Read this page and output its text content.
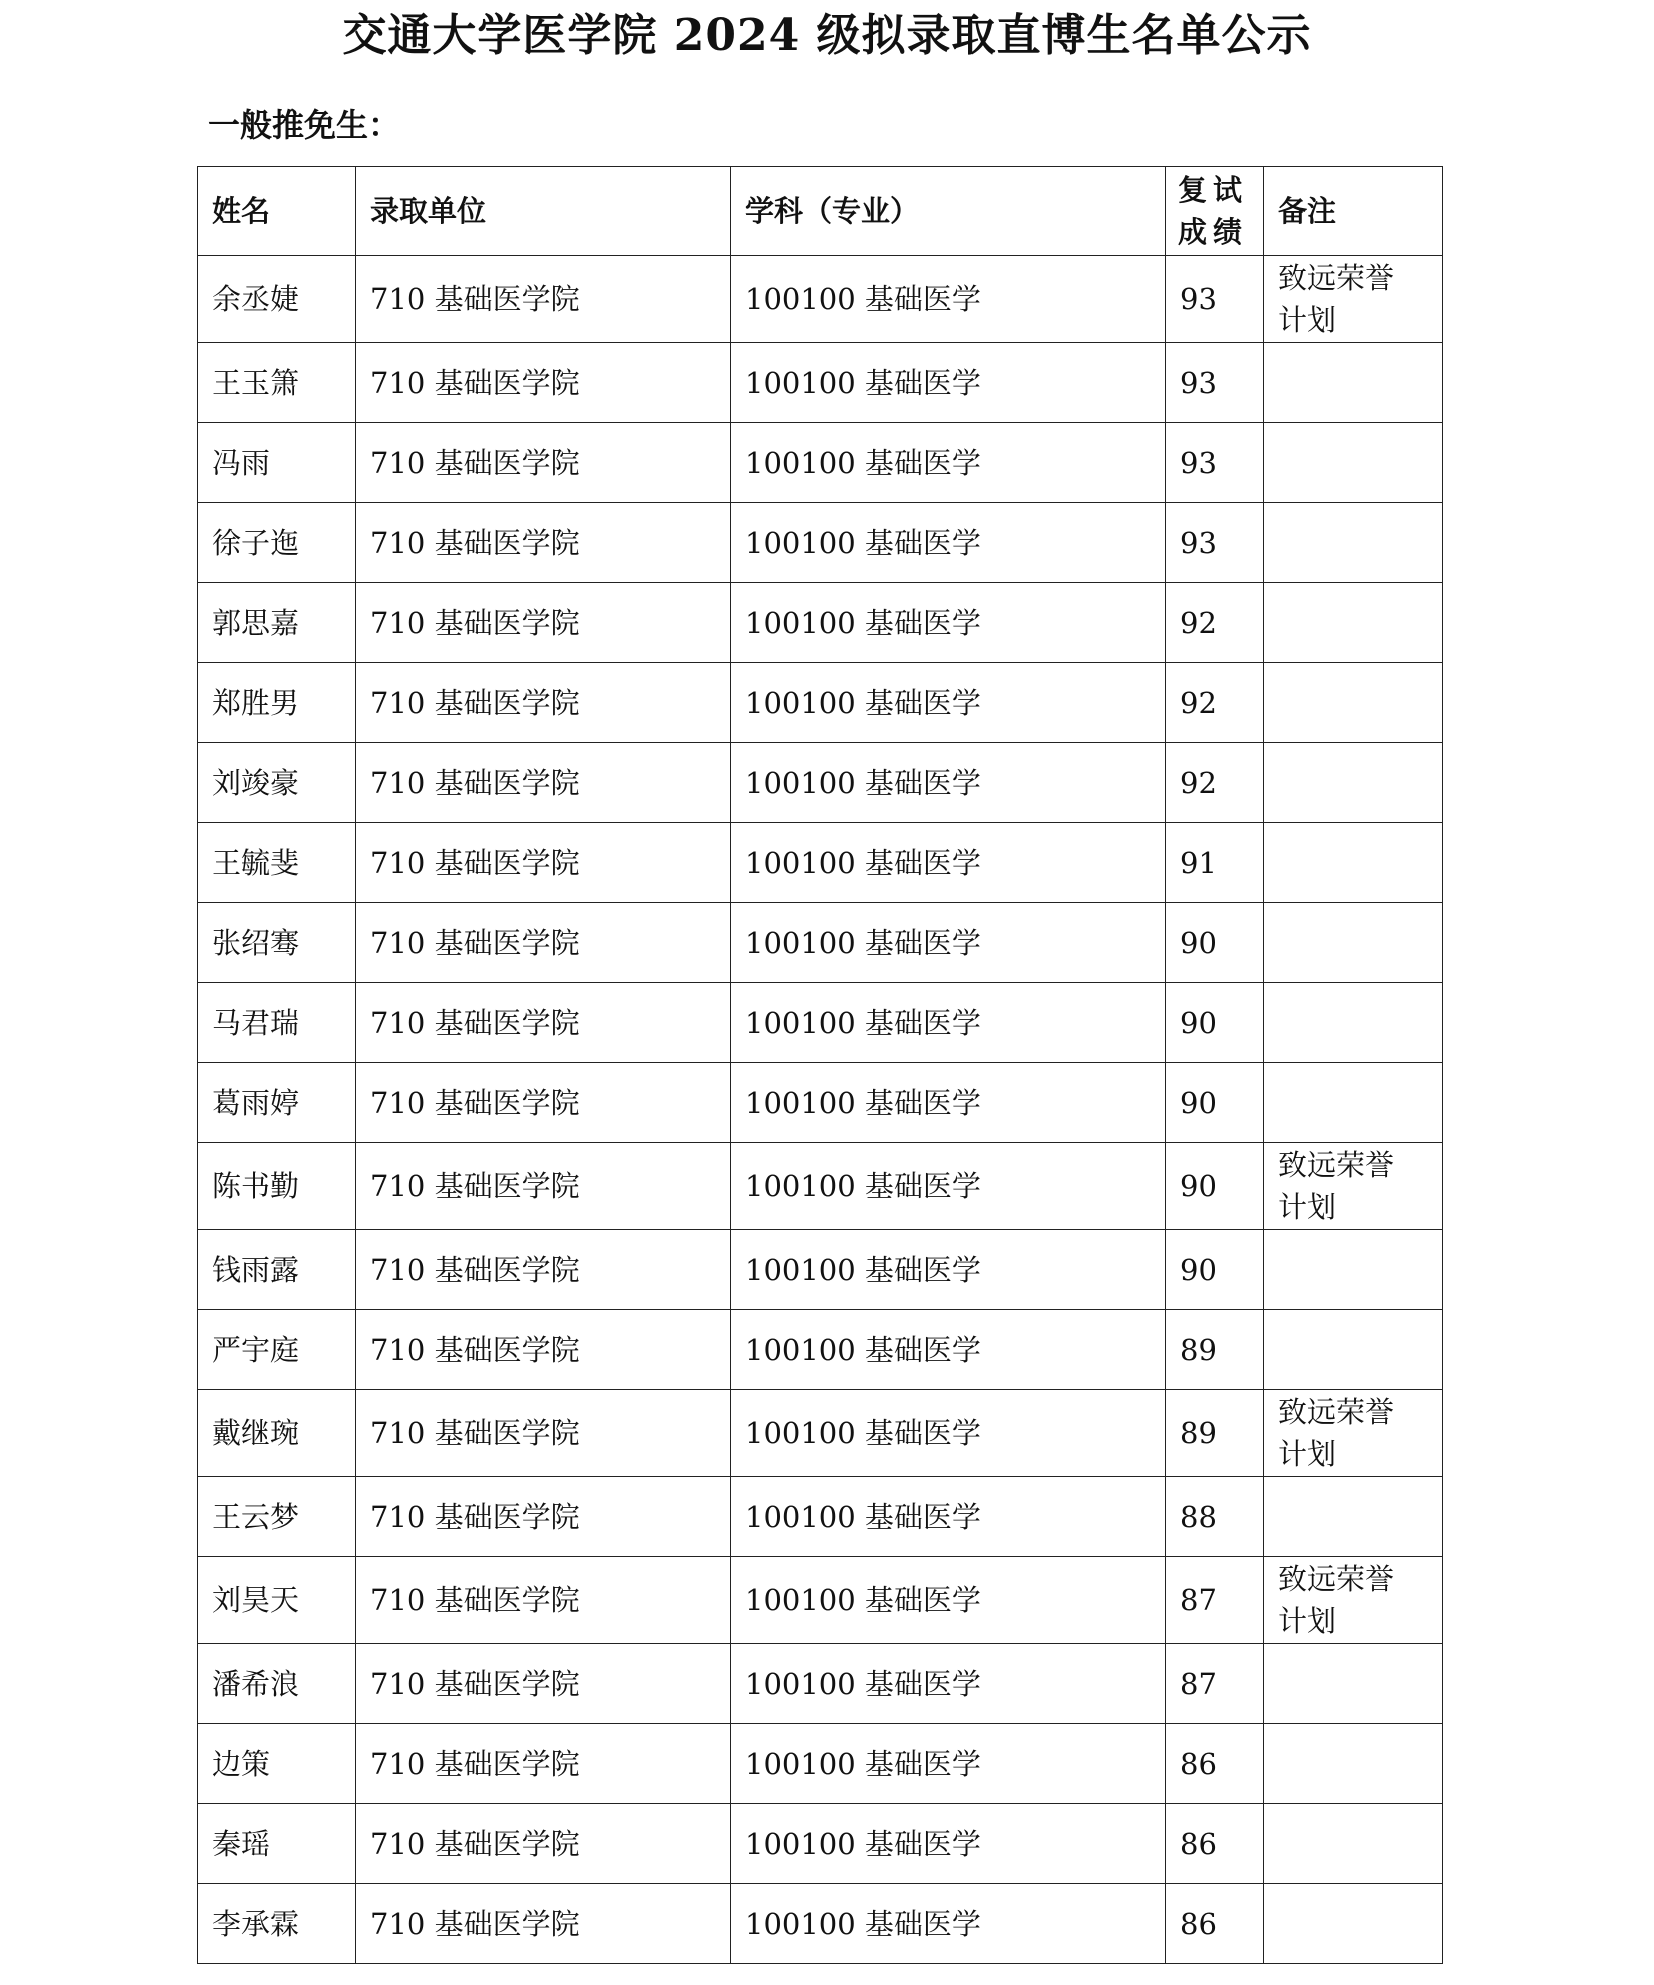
交通大学医学院 2024 级拟录取直博生名单公示
一般推免生：
姓名	录取单位	学科（专业）	复试成绩	备注
余丞婕	710 基础医学院	100100 基础医学	93	致远荣誉计划
王玉箫	710 基础医学院	100100 基础医学	93	
冯雨	710 基础医学院	100100 基础医学	93	
徐子迤	710 基础医学院	100100 基础医学	93	
郭思嘉	710 基础医学院	100100 基础医学	92	
郑胜男	710 基础医学院	100100 基础医学	92	
刘竣豪	710 基础医学院	100100 基础医学	92	
王毓斐	710 基础医学院	100100 基础医学	91	
张绍骞	710 基础医学院	100100 基础医学	90	
马君瑞	710 基础医学院	100100 基础医学	90	
葛雨婷	710 基础医学院	100100 基础医学	90	
陈书勤	710 基础医学院	100100 基础医学	90	致远荣誉计划
钱雨露	710 基础医学院	100100 基础医学	90	
严宇庭	710 基础医学院	100100 基础医学	89	
戴继琬	710 基础医学院	100100 基础医学	89	致远荣誉计划
王云梦	710 基础医学院	100100 基础医学	88	
刘昊天	710 基础医学院	100100 基础医学	87	致远荣誉计划
潘希浪	710 基础医学院	100100 基础医学	87	
边策	710 基础医学院	100100 基础医学	86	
秦瑶	710 基础医学院	100100 基础医学	86	
李承霖	710 基础医学院	100100 基础医学	86	
